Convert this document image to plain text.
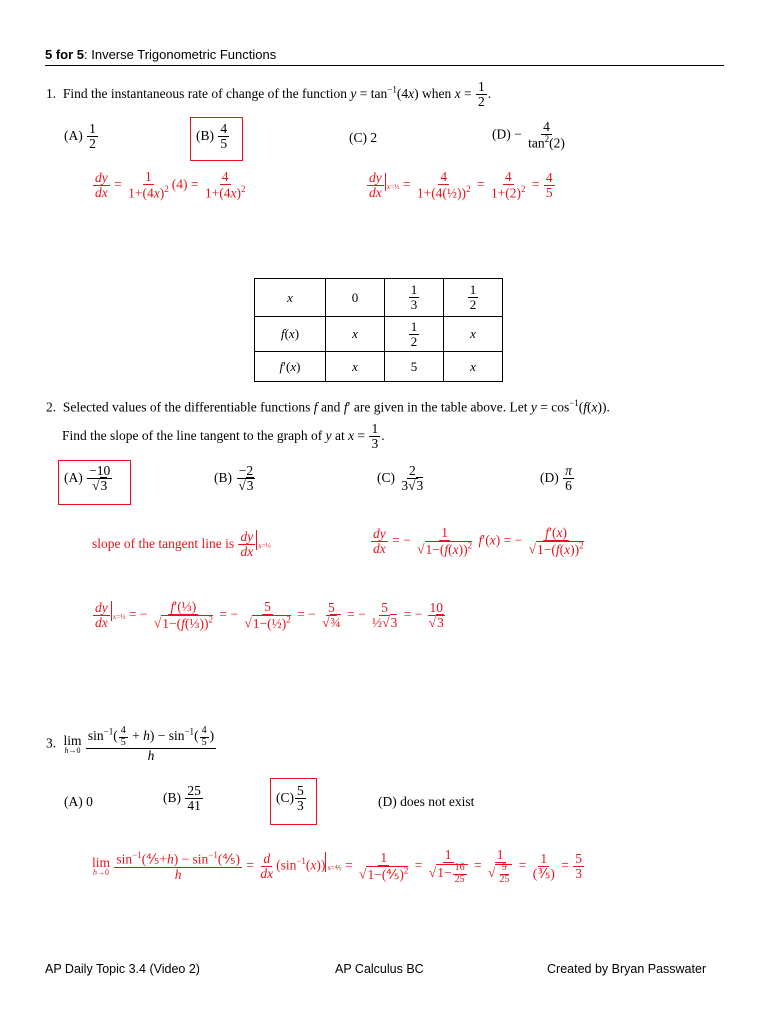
5 for 5: Inverse Trigonometric Functions
1. Find the instantaneous rate of change of the function $y = \tan^{-1}(4x)$ when $x = \frac{1}{2}$ .
$(A) \frac{1}{2}$	$(B) \frac{4}{5}$	(C) 2	$(D) - \frac{4}{\tan^2(2)}$
$\frac{dy}{dx} = \frac{1}{1+(4x)^2} (4) = \frac{4}{1+(4x)^2}$	$\frac{dy}{dx}$ x=½ = $\frac{4}{1+(4(\frac{1}{2}))^2} = \frac{4}{1+(2)^2} = \frac{4}{5}$
x	0	$\frac{1}{3}$	$\frac{1}{2}$

f(x)	x	$\frac{1}{2}$	x
f′(x)	x	5	x
2. Selected values of the differentiable functions f and f′ are given in the table above. Let $y = \cos^{-1}(f(x))$.
Find the slope of the line tangent to the graph of y at $x = \frac{1}{3}$ .
$(A) \frac{-10}{√3}$	$(B) \frac{-2}{√3}$	$(C) \frac{2}{3√3}$	$(D) \frac{\pi}{6}$
slope of the tangent line is $\frac{dy}{dx}$ x=⅓	$\frac{dy}{dx}$ = − $\frac{1}{√1-(f(x))^2} f'(x)$ = − $\frac{f'(x)}{√1-(f(x))^2}$
$\frac{dy}{dx}$ x=⅓ = − $\frac{\text{f′(⅓)}}{√1-(f(\frac{1}{3}))^2}$ = − $\frac{5}{√1-(\frac{1}{2})^2}$ = − $\frac{5}{\text{√¾}}$ = − $\frac{5}{\text{½√3}}$ = − $\frac{10}{√3}$
3. lim
h→0
$\frac{\sin^{-1}( \frac{4}{5} + h) - \sin^{-1}( \frac{4}{5} )}{h}$
(A) 0	$(B) \frac{25}{41}$	$(C) \frac{5}{3}$	(D) does not exist
lim
h→0
$\frac{\sin^{-1}(\frac{4}{5}+h) - \sin^{-1}(\frac{4}{5})}{h} = \frac{d}{dx} (\sin^{-1}(x))$ x=⅘ = $\frac{1}{√1-(\frac{4}{5})^2} = \frac{1}{√1- \frac{16}{25}} = \frac{1}{√ \frac{9}{25}} = \frac{1}{\text{(⅗)}} = \frac{5}{3}$
AP Daily Topic 3.4 (Video 2)	AP Calculus BC	Created by Bryan Passwater
